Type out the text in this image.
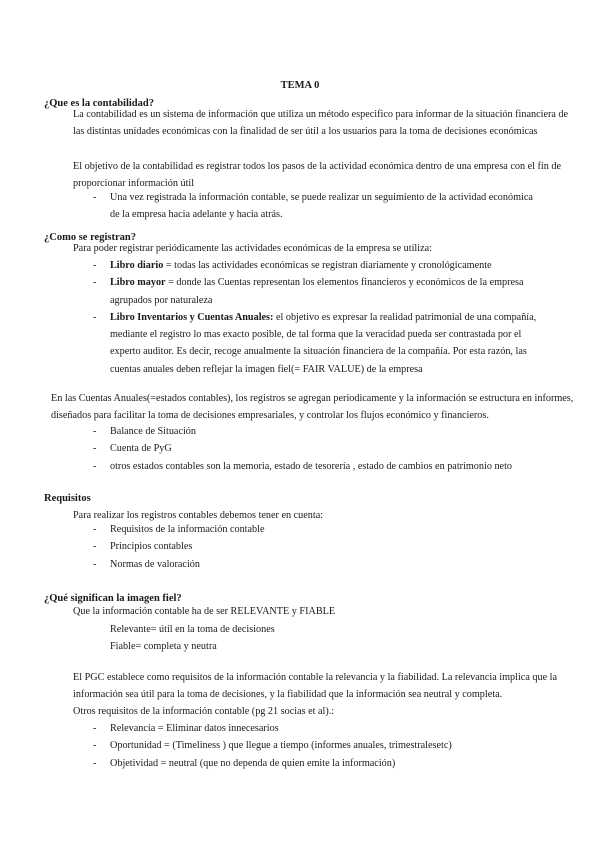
TEMA 0
¿Que es la contabilidad?
La contabilidad es un sistema de información que utiliza un método especifico para informar de la situación financiera de las distintas unidades económicas con la finalidad de ser útil a los usuarios para la toma de decisiones económicas
El objetivo de la contabilidad es registrar todos los pasos de la actividad económica dentro de una empresa con el fin de proporcionar información útil
- Una vez registrada la información contable, se puede realizar un seguimiento de la actividad económica de la empresa hacia adelante y hacia atrás.
¿Como se registran?
Para poder registrar periódicamente las actividades económicas de la empresa se utiliza:
- Libro diario = todas las actividades económicas se registran diariamente y cronológicamente
- Libro mayor = donde las Cuentas representan los elementos financieros y económicos de la empresa agrupados por naturaleza
- Libro Inventarios y Cuentas Anuales: el objetivo es expresar la realidad patrimonial de una compañía, mediante el registro lo mas exacto posible, de tal forma que la veracidad pueda ser contrastada por el experto auditor. Es decir, recoge anualmente la situación financiera de la compañía. Por esta razón, las cuentas anuales deben reflejar la imagen fiel(= FAIR VALUE) de la empresa
En las Cuentas Anuales(=estados contables), los registros se agregan periodicamente y la información se estructura en informes, diseñados para facilitar la toma de decisiones empresariales, y controlar los flujos económico y financieros.
- Balance de Situación
- Cuenta de PyG
- otros estados contables son la memoria, estado de tesorería , estado de cambios en patrimonio neto
Requisitos
Para realizar los registros contables debemos tener en cuenta:
- Requisitos de la información contable
- Principios contables
- Normas de valoración
¿Qué significan la imagen fiel?
Que la información contable ha de ser RELEVANTE y FIABLE
Relevante= útil en la toma de decisiones
Fiable= completa y neutra
El PGC establece como requisitos de la información contable la relevancia y la fiabilidad. La relevancia implica que la información sea útil para la toma de decisiones, y la fiabilidad que la información sea neutral y completa.
Otros requisitos de la información contable (pg 21 socias et al).:
- Relevancia = Eliminar datos innecesarios
- Oportunidad = (Timeliness ) que llegue a tiempo (informes anuales, trimestralesetc)
- Objetividad = neutral (que no dependa de quien emite la información)
